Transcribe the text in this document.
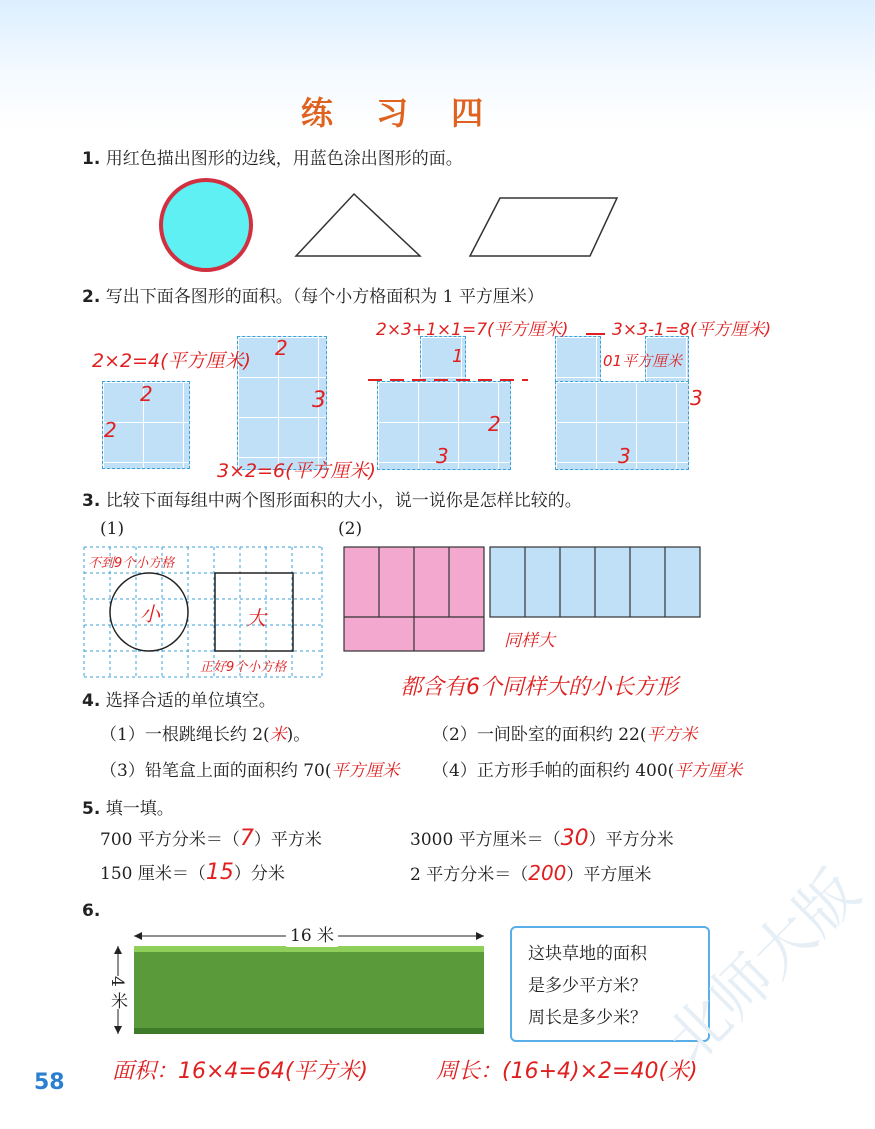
练 习 四
1. 用红色描出图形的边线，用蓝色涂出图形的面。
2. 写出下面各图形的面积。（每个小方格面积为 1 平方厘米）
2×2=4(平方厘米)
2
2
2
3
3×2=6(平方厘米)
2×3+1×1=7(平方厘米)
1
2
3
3×3-1=8(平方厘米)
01平方厘米
3
3
3. 比较下面每组中两个图形面积的大小，说一说你是怎样比较的。
(1)	(2)
不到9个小方格
小	大
正好9个小方格
同样大
都含有6个同样大的小长方形
4. 选择合适的单位填空。
（1）一根跳绳长约 2(米)。	（2）一间卧室的面积约 22(平方米
（3）铅笔盒上面的面积约 70(平方厘米 （4）正方形手帕的面积约 400(平方厘米
5. 填一填。
700 平方分米＝（7）平方米	3000 平方厘米＝（30）平方分米
150 厘米＝（15）分米	2 平方分米＝（200）平方厘米
6.
16 米
4 米
这块草地的面积
是多少平方米？
周长是多少米？
面积：16×4=64(平方米)	周长：(16+4)×2=40(米)
58
北师大版
